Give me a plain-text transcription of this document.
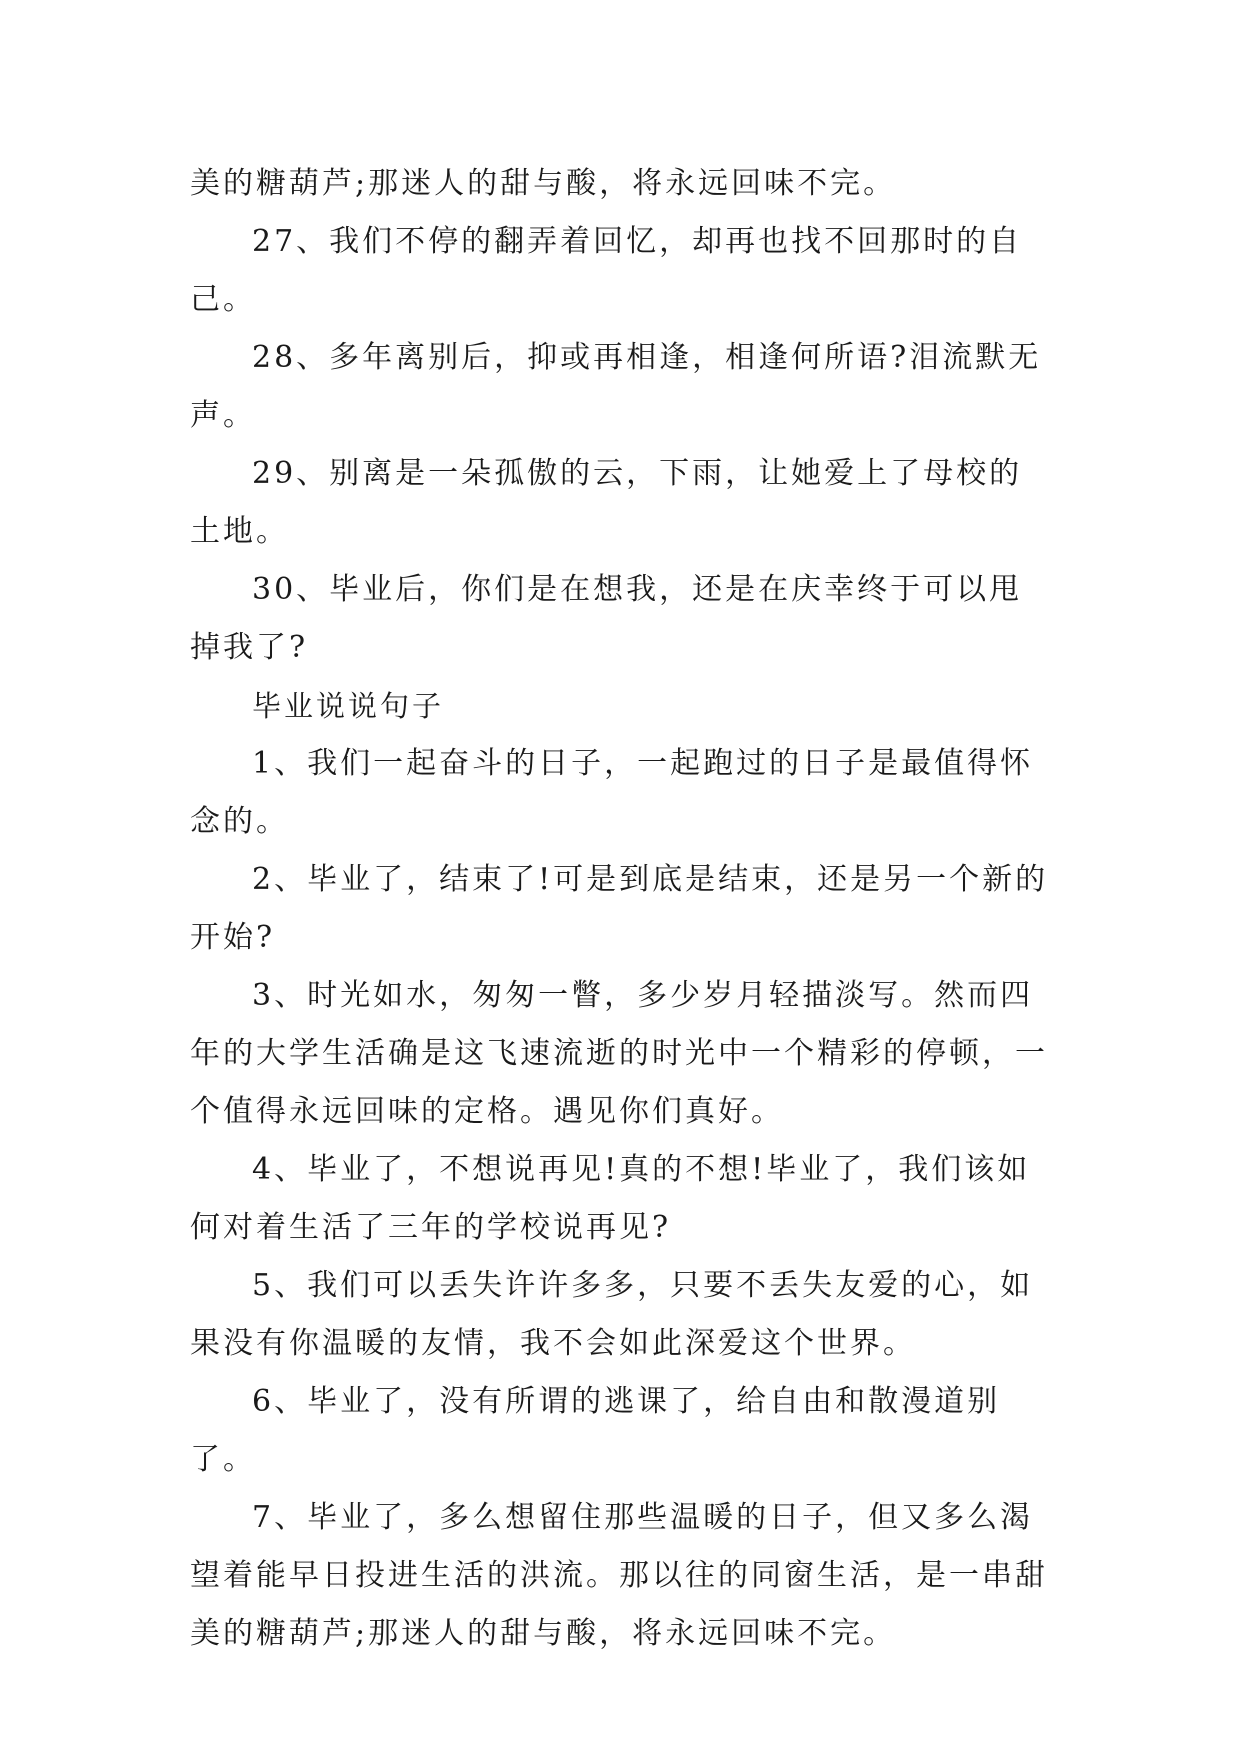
美的糖葫芦;那迷人的甜与酸，将永远回味不完。

27、我们不停的翻弄着回忆，却再也找不回那时的自己。

28、多年离别后，抑或再相逢，相逢何所语?泪流默无声。

29、别离是一朵孤傲的云，下雨，让她爱上了母校的土地。

30、毕业后，你们是在想我，还是在庆幸终于可以甩掉我了?

毕业说说句子

1、我们一起奋斗的日子，一起跑过的日子是最值得怀念的。

2、毕业了，结束了!可是到底是结束，还是另一个新的开始?

3、时光如水，匆匆一瞥，多少岁月轻描淡写。然而四年的大学生活确是这飞速流逝的时光中一个精彩的停顿，一个值得永远回味的定格。遇见你们真好。

4、毕业了，不想说再见!真的不想!毕业了，我们该如何对着生活了三年的学校说再见?

5、我们可以丢失许许多多，只要不丢失友爱的心，如果没有你温暖的友情，我不会如此深爱这个世界。

6、毕业了，没有所谓的逃课了，给自由和散漫道别了。

7、毕业了，多么想留住那些温暖的日子，但又多么渴望着能早日投进生活的洪流。那以往的同窗生活，是一串甜美的糖葫芦;那迷人的甜与酸，将永远回味不完。
